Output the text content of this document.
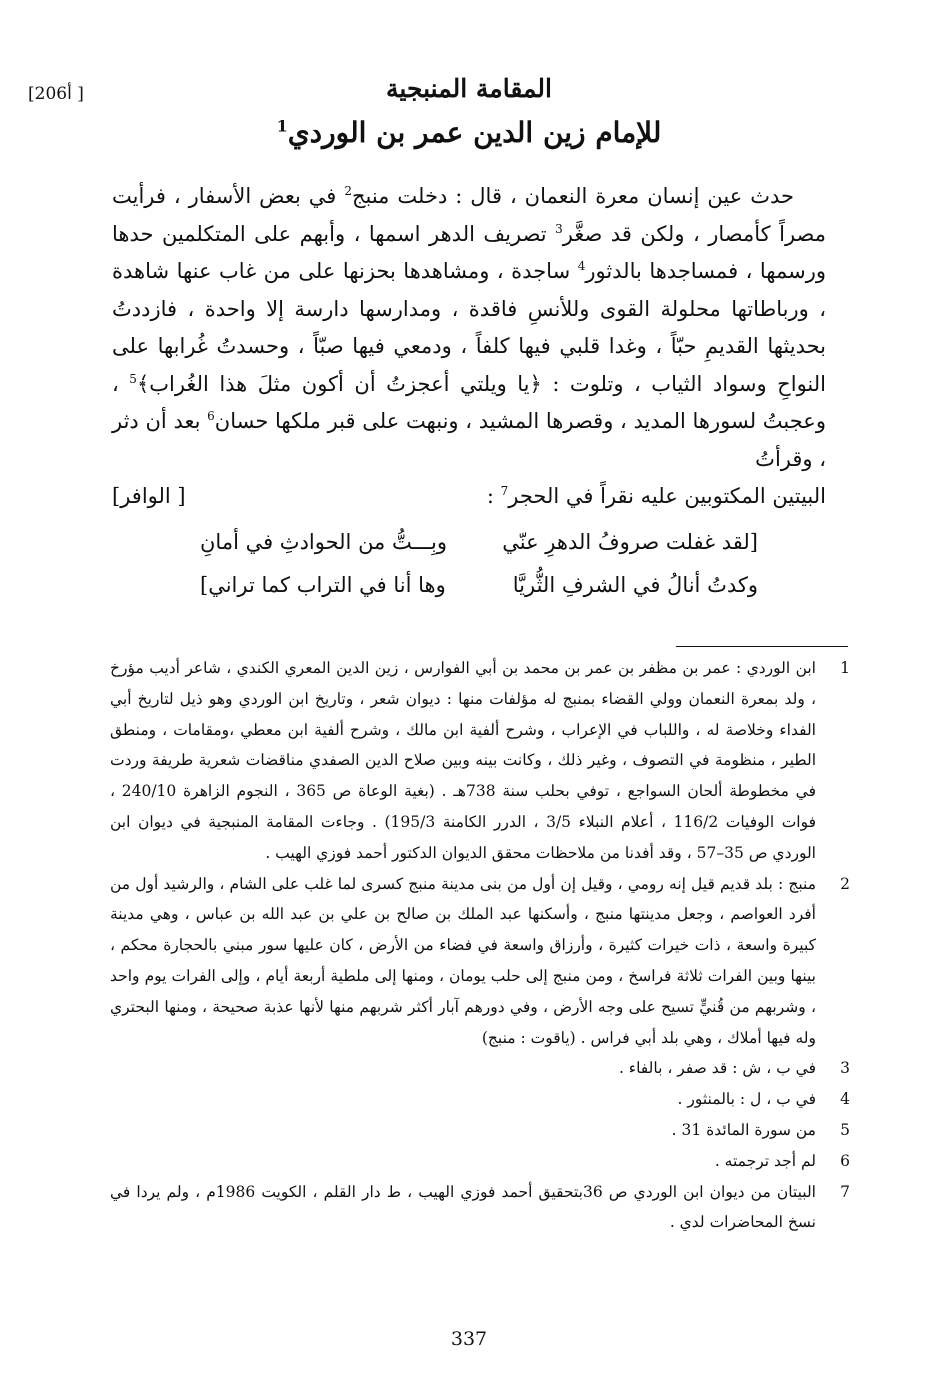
[206أ ]	المقامة المنبجية
للإمام زين الدين عمر بن الوردي$^1$

حدث عين إنسان معرة النعمان ، قال : دخلت منبج$^2$ في بعض الأسفار ، فرأيت مصراً كأمصار ، ولكن قد صغَّر$^3$ تصريف الدهر اسمها ، وأبهم على المتكلمين حدها ورسمها ، فمساجدها بالدثور$^4$ ساجدة ، ومشاهدها بحزنها على من غاب عنها شاهدة ، ورباطاتها محلولة القوى وللأنسِ فاقدة ، ومدارسها دارسة إلا واحدة ، فازددتُ بحديثها القديمِ حبّاً ، وغدا قلبي فيها كلفاً ، ودمعي فيها صبّاً ، وحسدتُ غُرابها على النواحِ وسواد الثياب ، وتلوت : ﴿يا ويلتي أعجزتُ أن أكون مثلَ هذا الغُراب﴾$^5$ ، وعجبتُ لسورها المديد ، وقصرها المشيد ، ونبهت على قبر ملكها حسان$^6$ بعد أن دثر ، وقرأتُ

البيتين المكتوبين عليه نقراً في الحجر$^7$ :
[ الوافر]
[لقد غفلت صروفُ الدهرِ عنّي
وبِـــتُّ من الحوادثِ في أمانِ
وكدتُ أنالُ في الشرفِ الثُّريَّا
وها أنا في التراب كما تراني]
1
ابن الوردي : عمر بن مظفر بن عمر بن محمد بن أبي الفوارس ، زين الدين المعري الكندي ، شاعر أديب مؤرخ ، ولد بمعرة النعمان وولي القضاء بمنبج له مؤلفات منها : ديوان شعر ، وتاريخ ابن الوردي وهو ذيل لتاريخ أبي الفداء وخلاصة له ، واللباب في الإعراب ، وشرح ألفية ابن مالك ، وشرح ألفية ابن معطي ،ومقامات ، ومنطق الطير ، منظومة في التصوف ، وغير ذلك ، وكانت بينه وبين صلاح الدين الصفدي مناقضات شعرية طريفة وردت في مخطوطة ألحان السواجع ، توفي بحلب سنة 738هـ . (بغية الوعاة ص 365 ، النجوم الزاهرة 240/10 ، فوات الوفيات 116/2 ، أعلام النبلاء 3/5 ، الدرر الكامنة 195/3) . وجاءت المقامة المنبجية في ديوان ابن الوردي ص 35–57 ، وقد أفدنا من ملاحظات محقق الديوان الدكتور أحمد فوزي الهيب .
2
منبج : بلد قديم قيل إنه رومي ، وقيل إن أول من بنى مدينة منبج كسرى لما غلب على الشام ، والرشيد أول من أفرد العواصم ، وجعل مدينتها منبج ، وأسكنها عبد الملك بن صالح بن علي بن عبد الله بن عباس ، وهي مدينة كبيرة واسعة ، ذات خيرات كثيرة ، وأرزاق واسعة في فضاء من الأرض ، كان عليها سور مبني بالحجارة محكم ، بينها وبين الفرات ثلاثة فراسخ ، ومن منبج إلى حلب يومان ، ومنها إلى ملطية أربعة أيام ، وإلى الفرات يوم واحد ، وشربهم من قُنيٍّ تسيح على وجه الأرض ، وفي دورهم آبار أكثر شربهم منها لأنها عذبة صحيحة ، ومنها البحتري وله فيها أملاك ، وهي بلد أبي فراس . (ياقوت : منبج)
3
في ب ، ش : قد صفر ، بالفاء .
4
في ب ، ل : بالمنثور .
5
من سورة المائدة 31 .
6
لم أجد ترجمته .
7
البيتان من ديوان ابن الوردي ص 36بتحقيق أحمد فوزي الهيب ، ط دار القلم ، الكويت 1986م ، ولم يردا في نسخ المحاضرات لدي .
337
